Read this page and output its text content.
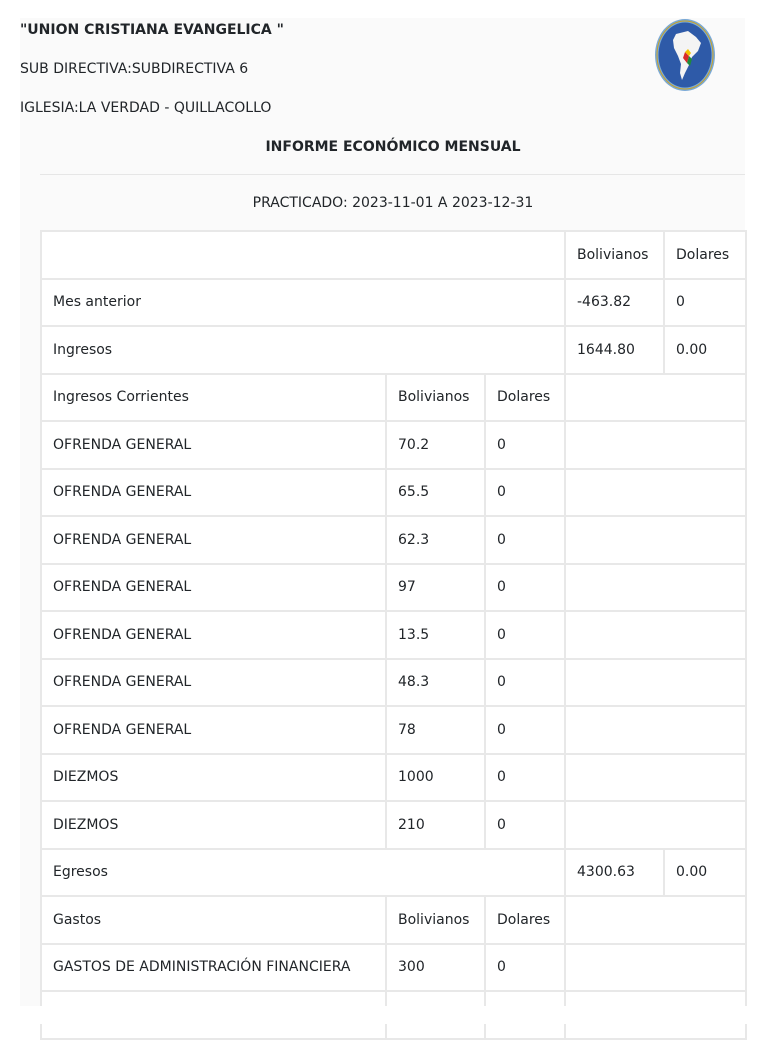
"UNION CRISTIANA EVANGELICA "
SUB DIRECTIVA:SUBDIRECTIVA 6
IGLESIA:LA VERDAD - QUILLACOLLO
INFORME ECONÓMICO MENSUAL
PRACTICADO: 2023-11-01 A 2023-12-31
			Bolivianos	Dolares
Mes anterior			-463.82	0
Ingresos			1644.80	0.00
Ingresos Corrientes	Bolivianos	Dolares		
OFRENDA GENERAL	70.2	0		
OFRENDA GENERAL	65.5	0		
OFRENDA GENERAL	62.3	0		
OFRENDA GENERAL	97	0		
OFRENDA GENERAL	13.5	0		
OFRENDA GENERAL	48.3	0		
OFRENDA GENERAL	78	0		
DIEZMOS	1000	0		
DIEZMOS	210	0		
Egresos			4300.63	0.00
Gastos	Bolivianos	Dolares		
GASTOS DE ADMINISTRACIÓN FINANCIERA	300	0		
